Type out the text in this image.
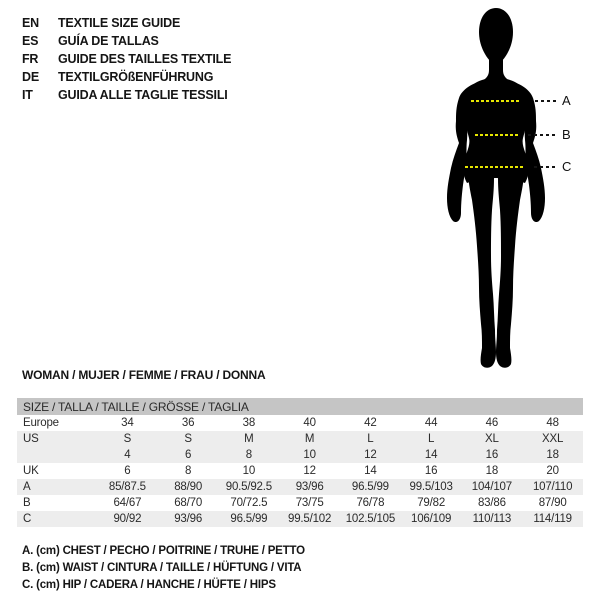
EN TEXTILE SIZE GUIDE
ES GUÍA DE TALLAS
FR GUIDE DES TAILLES TEXTILE
DE TEXTILGRÖßENFÜHRUNG
IT GUIDA ALLE TAGLIE TESSILI	A
B
C
WOMAN / MUJER / FEMME / FRAU / DONNA
SIZE / TALLA / TAILLE / GRÖSSE / TAGLIA								
Europe	34	36	38	40	42	44	46	48
US	S	S	M	M	L	L	XL	XXL
	4	6	8	10	12	14	16	18
UK	6	8	10	12	14	16	18	20
A	85/87.5	88/90	90.5/92.5	93/96	96.5/99	99.5/103	104/107	107/110
B	64/67	68/70	70/72.5	73/75	76/78	79/82	83/86	87/90
C	90/92	93/96	96.5/99	99.5/102	102.5/105	106/109	110/113	114/119
A. (cm) CHEST / PECHO / POITRINE / TRUHE / PETTO
B. (cm) WAIST / CINTURA / TAILLE / HÜFTUNG / VITA
C. (cm) HIP / CADERA / HANCHE / HÜFTE / HIPS
